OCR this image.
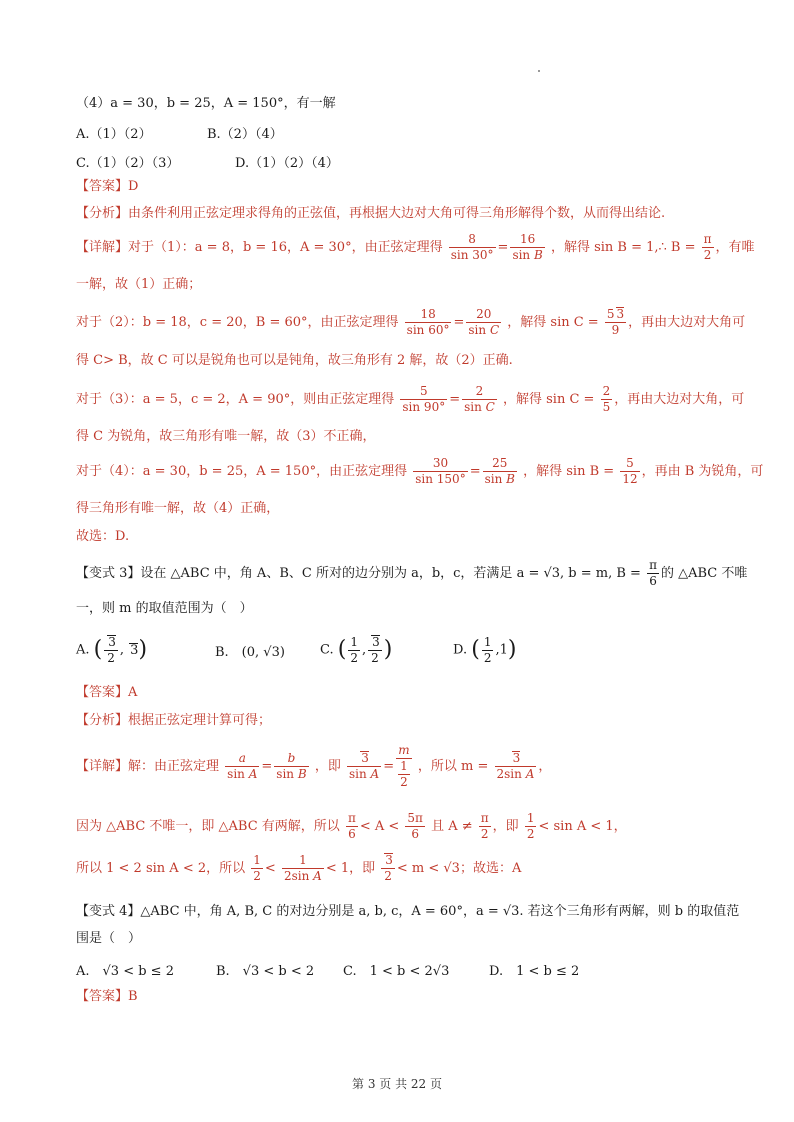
（4）a = 30，b = 25，A = 150°，有一解
A.（1）（2）	B.（2）（4）
C.（1）（2）（3）	D.（1）（2）（4）
【答案】D
【分析】由条件利用正弦定理求得角的正弦值，再根据大边对大角可得三角形解得个数，从而得出结论.
【详解】对于（1）：a = 8，b = 16，A = 30°，由正弦定理得 $\frac{8}{\sin 30^\circ} = \frac{16}{\text{sin B}}$ ，解得 sin B = 1,∴ $B = \frac{\pi}{2}$ ，有唯
一解，故（1）正确；
对于（2）：b = 18，c = 20，B = 60°，由正弦定理得 $\frac{18}{\sin 60^\circ} = \frac{20}{\text{sin C}}$ ，解得 $\sin C = \frac{5 3}{9}$ ，再由大边对大角可
得 C> B，故 C 可以是锐角也可以是钝角，故三角形有 2 解，故（2）正确.
对于（3）：a = 5，c = 2，A = 90°，则由正弦定理得 $\frac{5}{\sin 90^\circ} = \frac{2}{\text{sin C}}$ ，解得 $\sin C = \frac{2}{5}$ ，再由大边对大角，可
得 C 为锐角，故三角形有唯一解，故（3）不正确，
对于（4）：a = 30，b = 25，A = 150°，由正弦定理得 $\frac{30}{\sin 150^\circ} = \frac{25}{\text{sin B}}$ ，解得 $\sin B = \frac{5}{12}$ ，再由 B 为锐角，可
得三角形有唯一解，故（4）正确，
故选：D.
【变式 3】设在 △ABC 中，角 A、B、C 所对的边分别为 a，b，c，若满足 a = √3, b = m, $B = \frac{\pi}{6}$ 的 △ABC 不唯
一，则 m 的取值范围为（　）
A. ( $\frac{3}{2}$ , 3)	B.　(0, √3)	C. ( $\frac{1}{2}$ , $\frac{3}{2}$ )	D. ( $\frac{1}{2} ,1$)
【答案】A
【分析】根据正弦定理计算可得；
【详解】解：由正弦定理 $\frac{a}{\text{sin A}} = \frac{b}{\text{sin B}}$ ，即 $\frac{3}{\text{sin A}} = \frac{m}{\frac{1}{2}}$ ，所以 $m = \frac{3}{\text{2sin A}}$ ，
因为 △ABC 不唯一，即 △ABC 有两解，所以 $\frac{\pi}{6} < A < \frac{5\pi}{6}$ 且 $A \ne \frac{\pi}{2}$ ，即 $\frac{1}{2} < \sin A < 1$，
所以 1 < 2 sin A < 2，所以 $\frac{1}{2} < \frac{1}{\text{2sin A}} < 1$，即 $\frac{3}{2} < m < √3$；故选：A
【变式 4】△ABC 中，角 A, B, C 的对边分别是 a, b, c，A = 60°，a = √3. 若这个三角形有两解，则 b 的取值范
围是（　）
A.　√3 < b ≤ 2	B.　√3 < b < 2 C.　1 < b < 2√3	D.　1 < b ≤ 2
【答案】B
第 3 页 共 22 页
